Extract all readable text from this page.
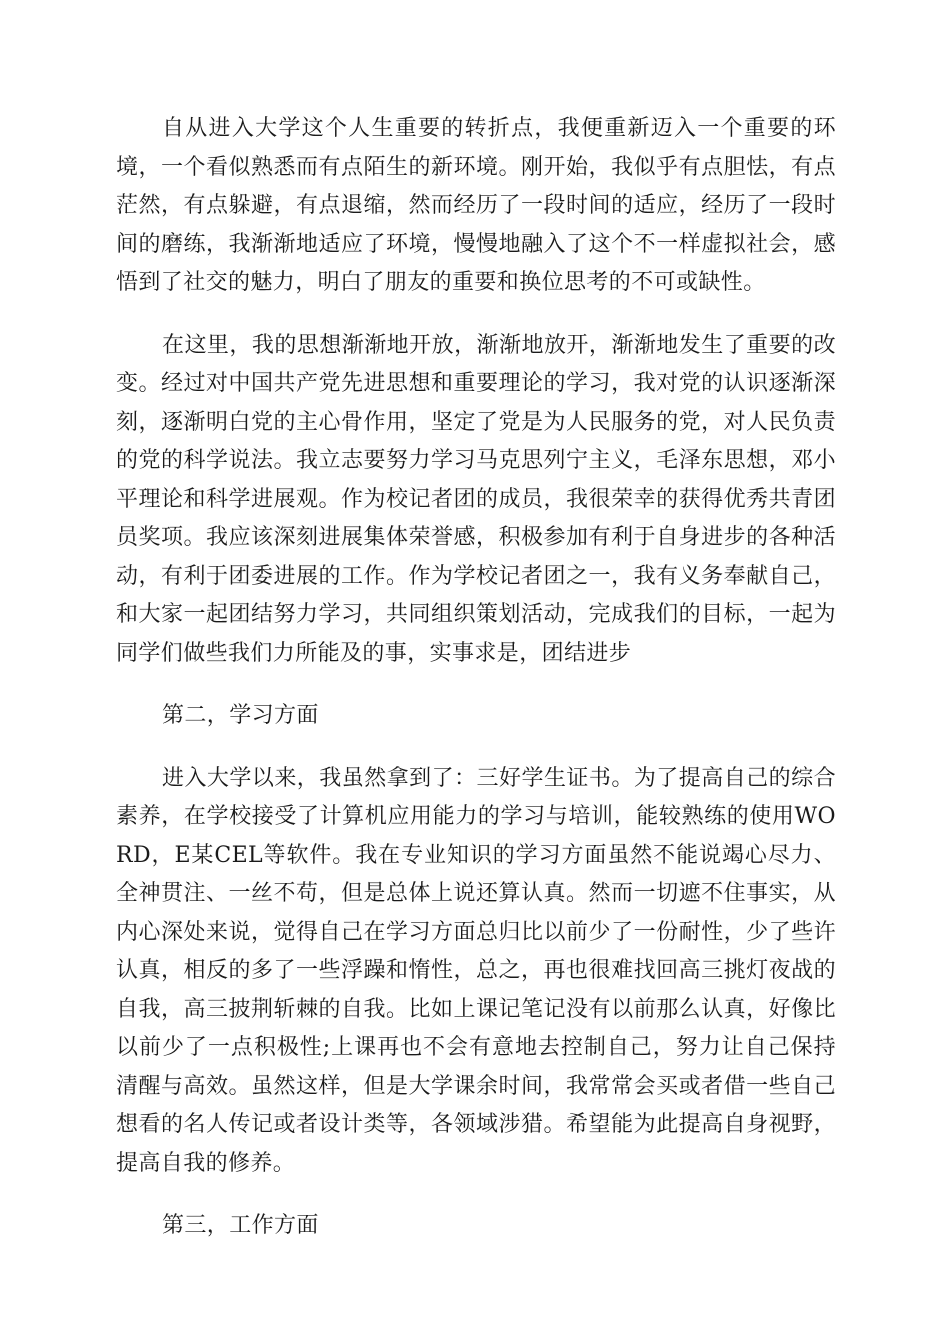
自从进入大学这个人生重要的转折点，我便重新迈入一个重要的环境，一个看似熟悉而有点陌生的新环境。刚开始，我似乎有点胆怯，有点茫然，有点躲避，有点退缩，然而经历了一段时间的适应，经历了一段时间的磨练，我渐渐地适应了环境，慢慢地融入了这个不一样虚拟社会，感悟到了社交的魅力，明白了朋友的重要和换位思考的不可或缺性。

在这里，我的思想渐渐地开放，渐渐地放开，渐渐地发生了重要的改变。经过对中国共产党先进思想和重要理论的学习，我对党的认识逐渐深刻，逐渐明白党的主心骨作用，坚定了党是为人民服务的党，对人民负责的党的科学说法。我立志要努力学习马克思列宁主义，毛泽东思想，邓小平理论和科学进展观。作为校记者团的成员，我很荣幸的获得优秀共青团员奖项。我应该深刻进展集体荣誉感，积极参加有利于自身进步的各种活动，有利于团委进展的工作。作为学校记者团之一，我有义务奉献自己，和大家一起团结努力学习，共同组织策划活动，完成我们的目标，一起为同学们做些我们力所能及的事，实事求是，团结进步

第二，学习方面

进入大学以来，我虽然拿到了：三好学生证书。为了提高自己的综合素养，在学校接受了计算机应用能力的学习与培训，能较熟练的使用WORD，E某CEL等软件。我在专业知识的学习方面虽然不能说竭心尽力、全神贯注、一丝不苟，但是总体上说还算认真。然而一切遮不住事实，从内心深处来说，觉得自己在学习方面总归比以前少了一份耐性，少了些许认真，相反的多了一些浮躁和惰性，总之，再也很难找回高三挑灯夜战的自我，高三披荆斩棘的自我。比如上课记笔记没有以前那么认真，好像比以前少了一点积极性;上课再也不会有意地去控制自己，努力让自己保持清醒与高效。虽然这样，但是大学课余时间，我常常会买或者借一些自己想看的名人传记或者设计类等，各领域涉猎。希望能为此提高自身视野，提高自我的修养。

第三，工作方面
